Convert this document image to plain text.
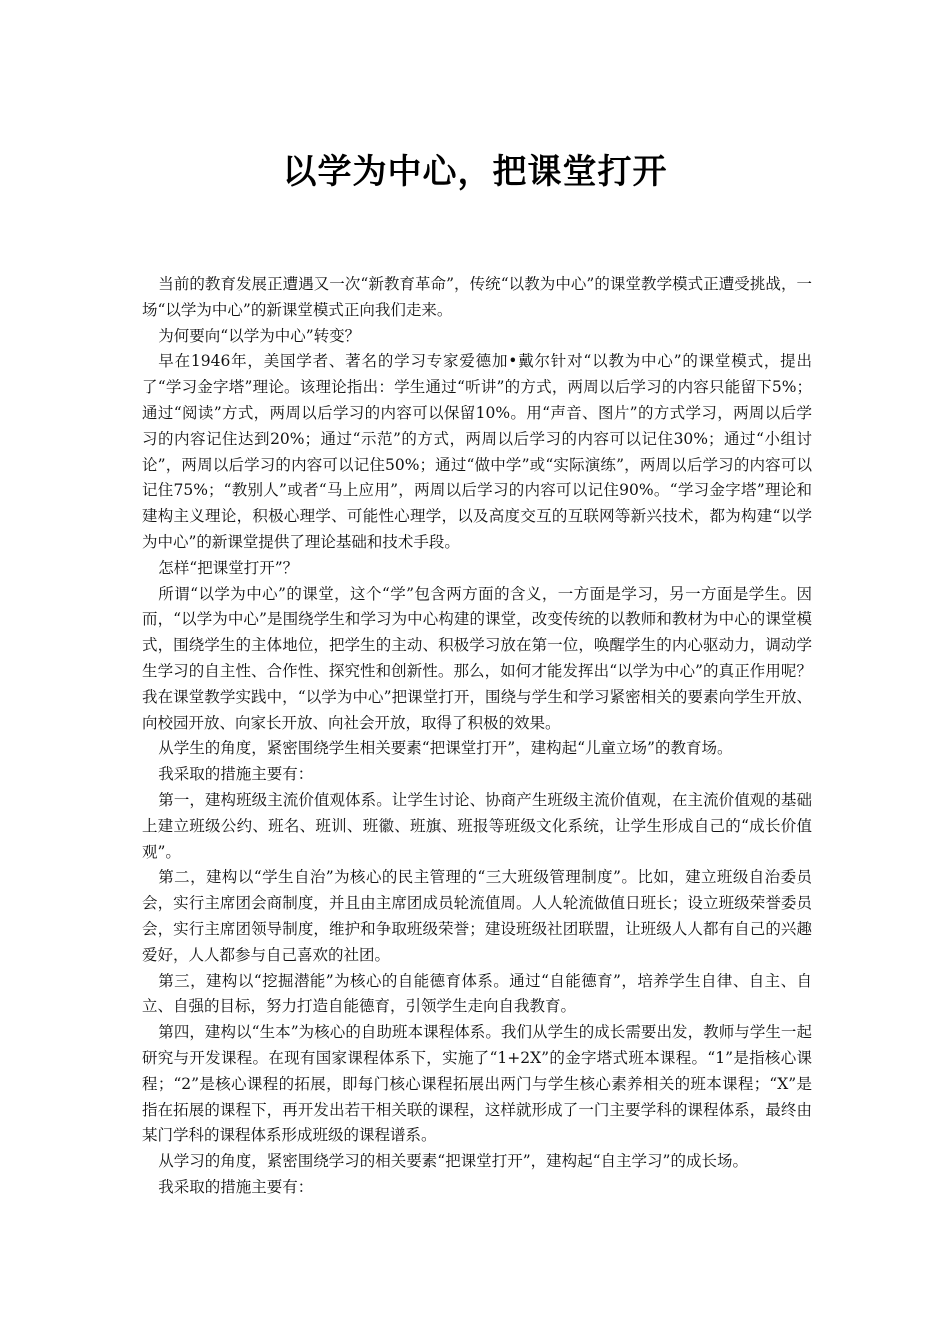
以学为中心，把课堂打开

当前的教育发展正遭遇又一次“新教育革命”，传统“以教为中心”的课堂教学模式正遭受挑战，一场“以学为中心”的新课堂模式正向我们走来。

为何要向“以学为中心”转变？

早在1946年，美国学者、著名的学习专家爱德加•戴尔针对“以教为中心”的课堂模式，提出了“学习金字塔”理论。该理论指出：学生通过“听讲”的方式，两周以后学习的内容只能留下5%；通过“阅读”方式，两周以后学习的内容可以保留10%。用“声音、图片”的方式学习，两周以后学习的内容记住达到20%；通过“示范”的方式，两周以后学习的内容可以记住30%；通过“小组讨论”，两周以后学习的内容可以记住50%；通过“做中学”或“实际演练”，两周以后学习的内容可以记住75%；“教别人”或者“马上应用”，两周以后学习的内容可以记住90%。“学习金字塔”理论和建构主义理论，积极心理学、可能性心理学，以及高度交互的互联网等新兴技术，都为构建“以学为中心”的新课堂提供了理论基础和技术手段。

怎样“把课堂打开”？

所谓“以学为中心”的课堂，这个“学”包含两方面的含义，一方面是学习，另一方面是学生。因而，“以学为中心”是围绕学生和学习为中心构建的课堂，改变传统的以教师和教材为中心的课堂模式，围绕学生的主体地位，把学生的主动、积极学习放在第一位，唤醒学生的内心驱动力，调动学生学习的自主性、合作性、探究性和创新性。那么，如何才能发挥出“以学为中心”的真正作用呢？我在课堂教学实践中，“以学为中心”把课堂打开，围绕与学生和学习紧密相关的要素向学生开放、向校园开放、向家长开放、向社会开放，取得了积极的效果。

从学生的角度，紧密围绕学生相关要素“把课堂打开”，建构起“儿童立场”的教育场。

我采取的措施主要有：

第一，建构班级主流价值观体系。让学生讨论、协商产生班级主流价值观，在主流价值观的基础上建立班级公约、班名、班训、班徽、班旗、班报等班级文化系统，让学生形成自己的“成长价值观”。

第二，建构以“学生自治”为核心的民主管理的“三大班级管理制度”。比如，建立班级自治委员会，实行主席团会商制度，并且由主席团成员轮流值周。人人轮流做值日班长；设立班级荣誉委员会，实行主席团领导制度，维护和争取班级荣誉；建设班级社团联盟，让班级人人都有自己的兴趣爱好，人人都参与自己喜欢的社团。

第三，建构以“挖掘潜能”为核心的自能德育体系。通过“自能德育”，培养学生自律、自主、自立、自强的目标，努力打造自能德育，引领学生走向自我教育。

第四，建构以“生本”为核心的自助班本课程体系。我们从学生的成长需要出发，教师与学生一起研究与开发课程。在现有国家课程体系下，实施了“1+2X”的金字塔式班本课程。“1”是指核心课程；“2”是核心课程的拓展，即每门核心课程拓展出两门与学生核心素养相关的班本课程；“X”是指在拓展的课程下，再开发出若干相关联的课程，这样就形成了一门主要学科的课程体系，最终由某门学科的课程体系形成班级的课程谱系。

从学习的角度，紧密围绕学习的相关要素“把课堂打开”，建构起“自主学习”的成长场。

我采取的措施主要有：
